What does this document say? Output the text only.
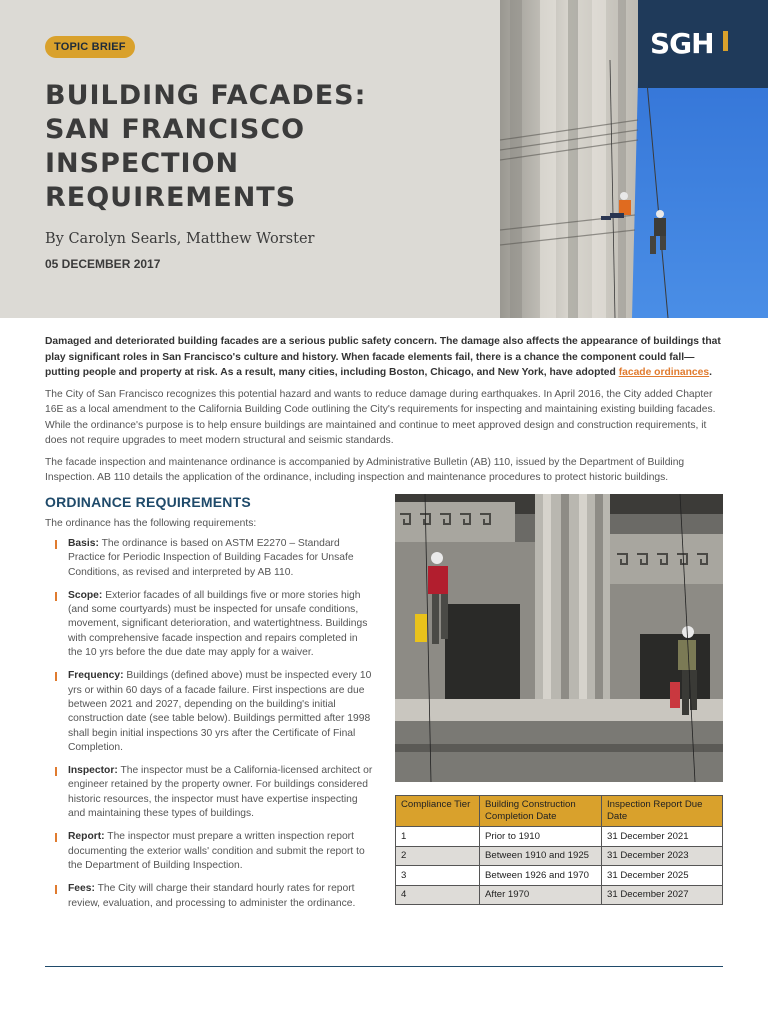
TOPIC BRIEF
BUILDING FACADES:
SAN FRANCISCO
INSPECTION
REQUIREMENTS
By Carolyn Searls, Matthew Worster
05 DECEMBER 2017
SGH

Damaged and deteriorated building facades are a serious public safety concern. The damage also affects the appearance of buildings that play significant roles in San Francisco's culture and history. When facade elements fail, there is a chance the component could fall—putting people and property at risk. As a result, many cities, including Boston, Chicago, and New York, have adopted facade ordinances.

The City of San Francisco recognizes this potential hazard and wants to reduce damage during earthquakes. In April 2016, the City added Chapter 16E as a local amendment to the California Building Code outlining the City's requirements for inspecting and maintaining existing building facades. While the ordinance's purpose is to help ensure buildings are maintained and continue to meet approved design and construction requirements, it does not require upgrades to meet modern structural and seismic standards.

The facade inspection and maintenance ordinance is accompanied by Administrative Bulletin (AB) 110, issued by the Department of Building Inspection. AB 110 details the application of the ordinance, including inspection and maintenance procedures to protect historic buildings.

ORDINANCE REQUIREMENTS
The ordinance has the following requirements:
Basis: The ordinance is based on ASTM E2270 – Standard Practice for Periodic Inspection of Building Facades for Unsafe Conditions, as revised and interpreted by AB 110.
Scope: Exterior facades of all buildings five or more stories high (and some courtyards) must be inspected for unsafe conditions, movement, significant deterioration, and watertightness. Buildings with comprehensive facade inspection and repairs completed in the 10 yrs before the due date may apply for a waiver.
Frequency: Buildings (defined above) must be inspected every 10 yrs or within 60 days of a facade failure. First inspections are due between 2021 and 2027, depending on the building's initial construction date (see table below). Buildings permitted after 1998 shall begin initial inspections 30 yrs after the Certificate of Final Completion.
Inspector: The inspector must be a California-licensed architect or engineer retained by the property owner. For buildings considered historic resources, the inspector must have expertise inspecting and maintaining these types of buildings.
Report: The inspector must prepare a written inspection report documenting the exterior walls' condition and submit the report to the Department of Building Inspection.
Fees: The City will charge their standard hourly rates for report review, evaluation, and processing to administer the ordinance.
Compliance Tier	Building Construction Completion Date	Inspection Report Due Date
1	Prior to 1910	31 December 2021
2	Between 1910 and 1925	31 December 2023
3	Between 1926 and 1970	31 December 2025
4	After 1970	31 December 2027
